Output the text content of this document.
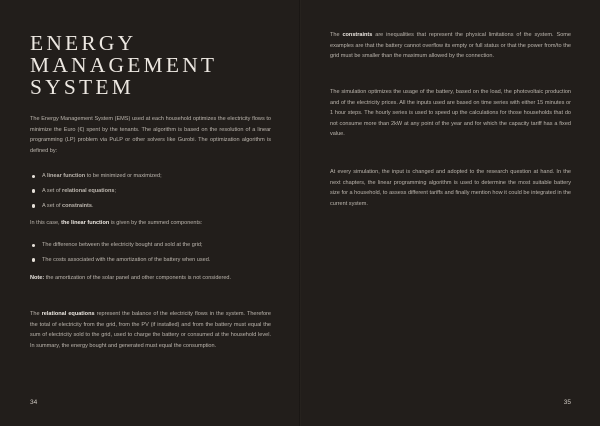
ENERGY
MANAGEMENT
SYSTEM

The Energy Management System (EMS) used at each household optimizes the electricity flows to minimize the Euro (€) spent by the tenants. The algorithm is based on the resolution of a linear programming (LP) problem via PuLP or other solvers like Gurobi. The optimization algorithm is defined by:

A linear function to be minimized or maximized;
A set of relational equations;
A set of constraints.

In this case, the linear function is given by the summed components:

The difference between the electricity bought and sold at the grid;
The costs associated with the amortization of the battery when used.

Note: the amortization of the solar panel and other components is not considered.

The relational equations represent the balance of the electricity flows in the system. Therefore the total of electricity from the grid, from the PV (if installed) and from the battery must equal the sum of electricity sold to the grid, used to charge the battery or consumed at the household level. In summary, the energy bought and generated must equal the consumption.

34

The constraints are inequalities that represent the physical limitations of the system. Some examples are that the battery cannot overflow its empty or full status or that the power from/to the grid must be smaller than the maximum allowed by the connection.

The simulation optimizes the usage of the battery, based on the load, the photovoltaic production and of the electricity prices. All the inputs used are based on time series with either 15 minutes or 1 hour steps. The hourly series is used to speed up the calculations for those households that do not consume more than 2kW at any point of the year and for which the capacity tariff has a fixed value.

At every simulation, the input is changed and adopted to the research question at hand. In the next chapters, the linear programming algorithm is used to determine the most suitable battery size for a household, to assess different tariffs and finally mention how it could be integrated in the current system.

35
